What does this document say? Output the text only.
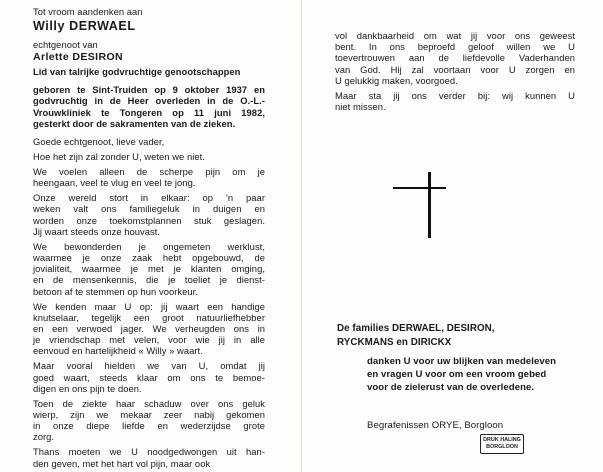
Tot vroom aandenken aan
Willy DERWAEL
echtgenoot van
Arlette DESIRON
Lid van talrijke godvruchtige genootschappen
geboren te Sint-Truiden op 9 oktober 1937 en
godvruchtig in de Heer overleden in de O.-L.-
Vrouwkliniek te Tongeren op 11 juni 1982,
gesterkt door de sakramenten van de zieken.
Goede echtgenoot, lieve vader,
Hoe het zijn zal zonder U, weten we niet.
We voelen alleen de scherpe pijn om je
heengaan, veel te vlug en veel te jong.
Onze wereld stort in elkaar: op 'n paar
weken valt ons familiegeluk in duigen en
worden onze toekomstplannen stuk geslagen.
Jij waart steeds onze houvast.
We bewonderden je ongemeten werklust,
waarmee je onze zaak hebt opgebouwd, de
jovialiteit, waarmee je met je klanten omging,
en de mensenkennis, die je toeliet je dienst-
betoon af te stemmen op hun voorkeur.
We kenden maar U op: jij waart een handige
knutselaar, tegelijk een groot natuurliefhebber
en een verwoed jager. We verheugden ons in
je vriendschap met velen, voor wie jij in alle
eenvoud en hartelijkheid « Willy » waart.
Maar vooral hielden we van U, omdat jij
goed waart, steeds klaar om ons te bemoe-
digen en ons pijn te doen.
Toen de ziekte haar schaduw over ons geluk
wierp, zijn we mekaar zeer nabij gekomen
in onze diepe liefde en wederzijdse grote
zorg.
Thans moeten we U noodgedwongen uit han-
den geven, met het hart vol pijn, maar ook
vol dankbaarheid om wat jij voor ons geweest
bent. In ons beproefd geloof willen we U
toevertrouwen aan de liefdevolle Vaderhanden
van God. Hij zal voortaan voor U zorgen en
U gelukkig maken, voorgoed.
Maar sta jij ons verder bij: wij kunnen U
niet missen.
De families DERWAEL, DESIRON,
RYCKMANS en DIRICKX
danken U voor uw blijken van medeleven
en vragen U voor om een vroom gebed
voor de zielerust van de overledene.
Begrafenissen ORYE, Borgloon
DRUK HALING
BORGLOON
